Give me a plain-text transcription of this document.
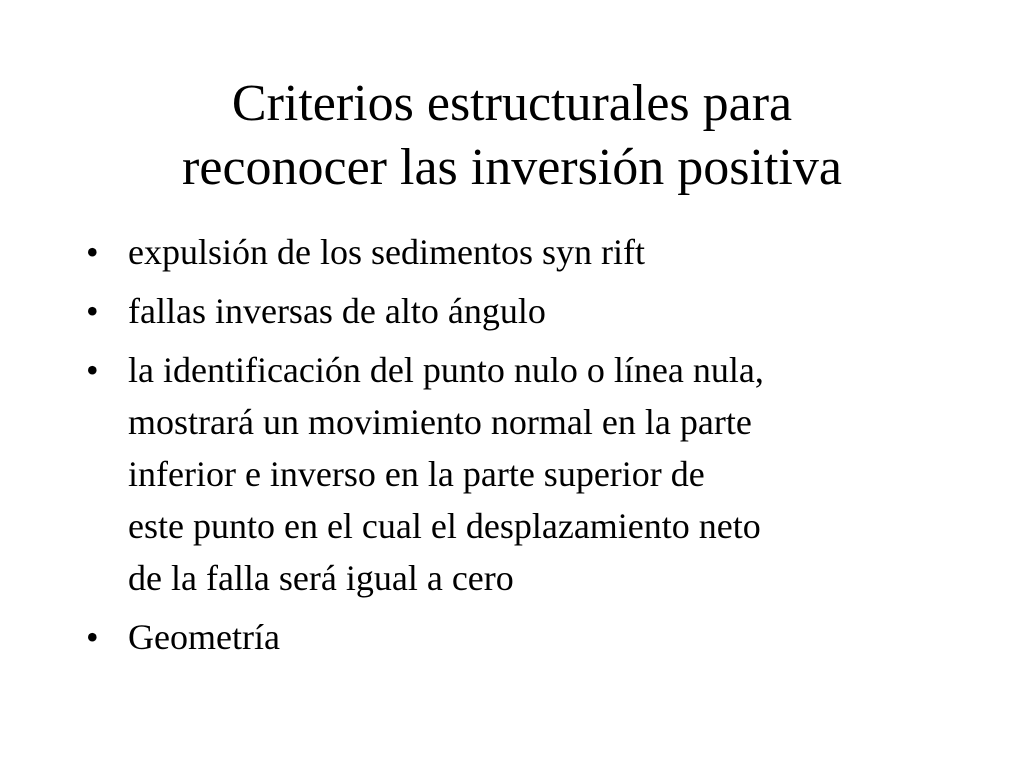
Criterios estructurales para
reconocer las inversión positiva
• expulsión de los sedimentos syn rift
• fallas inversas de alto ángulo
• la identificación del punto nulo o línea nula,
mostrará un movimiento normal en la parte
inferior e inverso en la parte superior de
este punto en el cual el desplazamiento neto
de la falla será igual a cero
• Geometría
